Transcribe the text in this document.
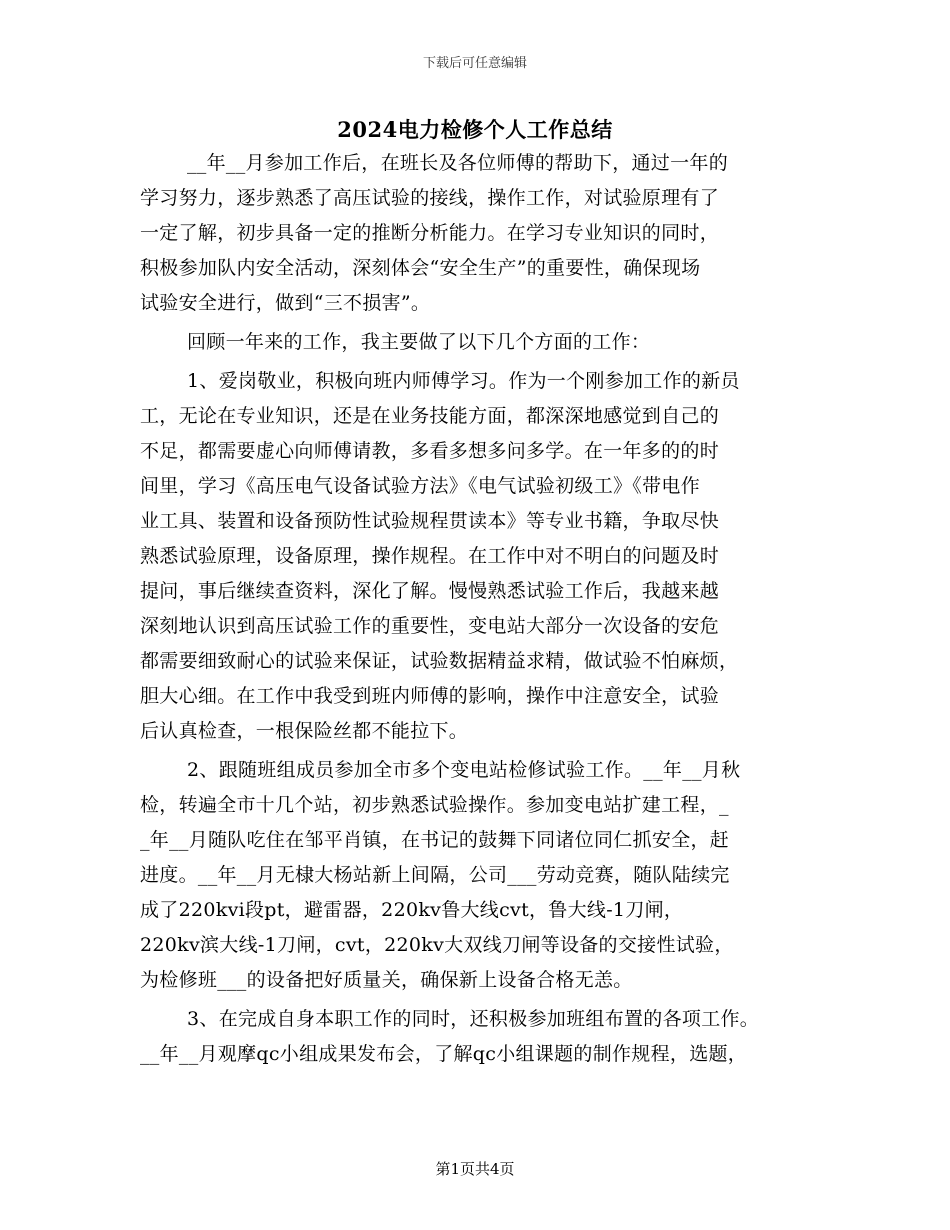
下载后可任意编辑
2024电力检修个人工作总结
__年__月参加工作后，在班长及各位师傅的帮助下，通过一年的
学习努力，逐步熟悉了高压试验的接线，操作工作，对试验原理有了
一定了解，初步具备一定的推断分析能力。在学习专业知识的同时，
积极参加队内安全活动，深刻体会“安全生产”的重要性，确保现场
试验安全进行，做到“三不损害”。
回顾一年来的工作，我主要做了以下几个方面的工作：
1、爱岗敬业，积极向班内师傅学习。作为一个刚参加工作的新员
工，无论在专业知识，还是在业务技能方面，都深深地感觉到自己的
不足，都需要虚心向师傅请教，多看多想多问多学。在一年多的的时
间里，学习《高压电气设备试验方法》《电气试验初级工》《带电作
业工具、装置和设备预防性试验规程贯读本》等专业书籍，争取尽快
熟悉试验原理，设备原理，操作规程。在工作中对不明白的问题及时
提问，事后继续查资料，深化了解。慢慢熟悉试验工作后，我越来越
深刻地认识到高压试验工作的重要性，变电站大部分一次设备的安危
都需要细致耐心的试验来保证，试验数据精益求精，做试验不怕麻烦，
胆大心细。在工作中我受到班内师傅的影响，操作中注意安全，试验
后认真检查，一根保险丝都不能拉下。
2、跟随班组成员参加全市多个变电站检修试验工作。__年__月秋
检，转遍全市十几个站，初步熟悉试验操作。参加变电站扩建工程，_
_年__月随队吃住在邹平肖镇，在书记的鼓舞下同诸位同仁抓安全，赶
进度。__年__月无棣大杨站新上间隔，公司___劳动竞赛，随队陆续完
成了220kvⅰ段pt，避雷器，220kv鲁大线cvt，鲁大线-1刀闸，
220kv滨大线-1刀闸，cvt，220kv大双线刀闸等设备的交接性试验，
为检修班___的设备把好质量关，确保新上设备合格无恙。
3、在完成自身本职工作的同时，还积极参加班组布置的各项工作。
__年__月观摩qc小组成果发布会，了解qc小组课题的制作规程，选题，
第1页共4页
